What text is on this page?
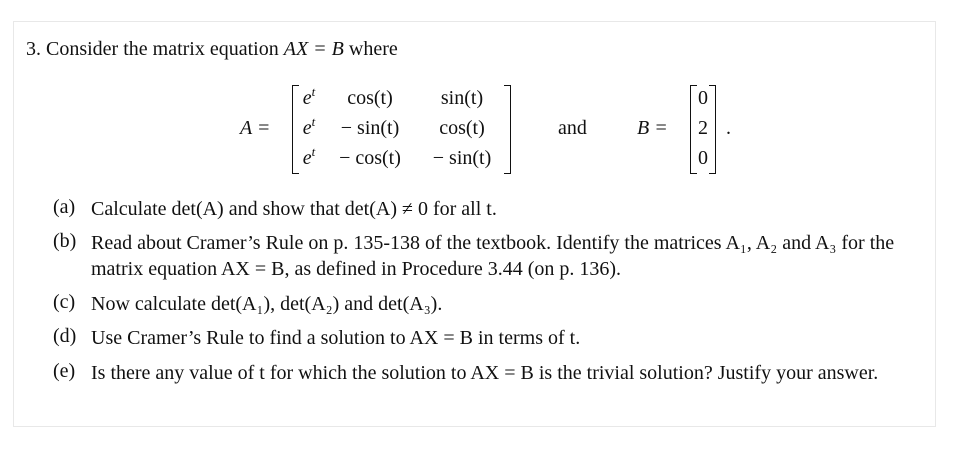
3. Consider the matrix equation AX = B where
A =
$e^t$ cos(t) sin(t)
$e^t - \sin(t)$ cos(t)
$e^t - \cos(t) - \sin(t)$
and	B =
0
2
0
.
(a) Calculate det(A) and show that det(A) ≠ 0 for all t.
(b) Read about Cramer’s Rule on p. 135-138 of the textbook. Identify the matrices A₁, A₂ and A₃ for the matrix equation AX = B, as defined in Procedure 3.44 (on p. 136).
(c) Now calculate det(A₁), det(A₂) and det(A₃).
(d) Use Cramer’s Rule to find a solution to AX = B in terms of t.
(e) Is there any value of t for which the solution to AX = B is the trivial solution? Justify your answer.
